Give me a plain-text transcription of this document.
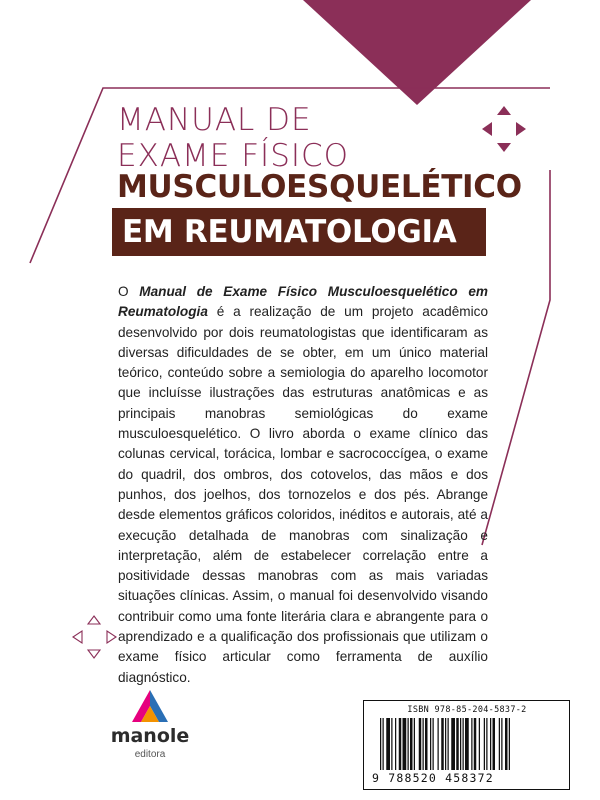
MANUAL DE
EXAME FÍSICO
MUSCULOESQUELÉTICO
EM REUMATOLOGIA
O Manual de Exame Físico Musculoesquelético em Reumatologia é a realização de um projeto acadêmico desenvolvido por dois reumatologistas que identificaram as diversas dificuldades de se obter, em um único material teórico, conteúdo sobre a semiologia do aparelho locomotor que incluísse ilustrações das estruturas anatômicas e as principais manobras semiológicas do exame musculoesquelético. O livro aborda o exame clínico das colunas cervical, torácica, lombar e sacrococcígea, o exame do quadril, dos ombros, dos cotovelos, das mãos e dos punhos, dos joelhos, dos tornozelos e dos pés. Abrange desde elementos gráficos coloridos, inéditos e autorais, até a execução detalhada de manobras com sinalização e interpretação, além de estabelecer correlação entre a positividade dessas manobras com as mais variadas situações clínicas. Assim, o manual foi desenvolvido visando contribuir como uma fonte literária clara e abrangente para o aprendizado e a qualificação dos profissionais que utilizam o exame físico articular como ferramenta de auxílio diagnóstico.
manole
editora
ISBN 978-85-204-5837-2
9 788520 458372
